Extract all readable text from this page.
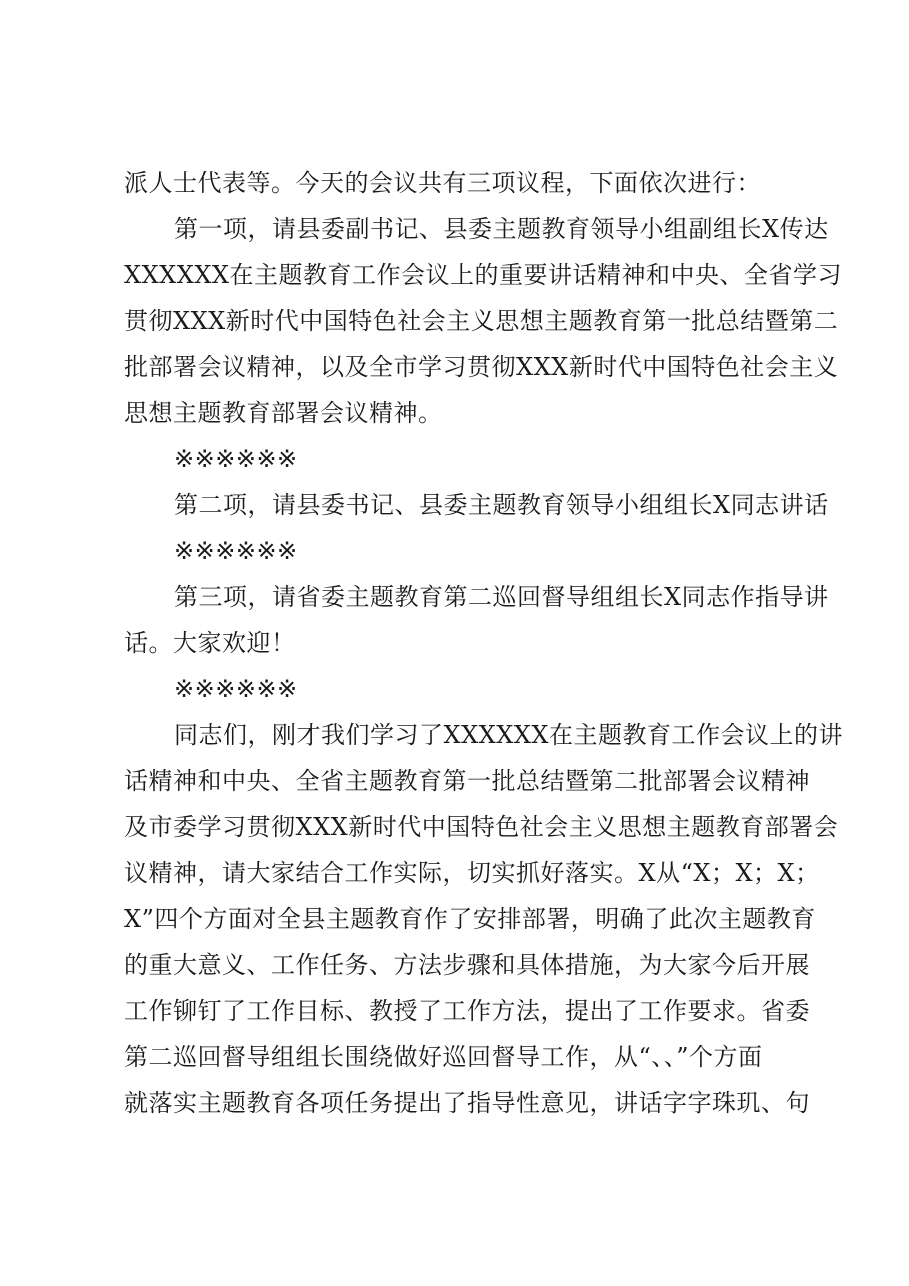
派人士代表等。今天的会议共有三项议程，下面依次进行：
第一项，请县委副书记、县委主题教育领导小组副组长X传达
XXXXXX在主题教育工作会议上的重要讲话精神和中央、全省学习
贯彻XXX新时代中国特色社会主义思想主题教育第一批总结暨第二
批部署会议精神，以及全市学习贯彻XXX新时代中国特色社会主义
思想主题教育部署会议精神。
※※※※※※
第二项，请县委书记、县委主题教育领导小组组长X同志讲话
※※※※※※
第三项，请省委主题教育第二巡回督导组组长X同志作指导讲
话。大家欢迎！
※※※※※※
同志们，刚才我们学习了XXXXXX在主题教育工作会议上的讲
话精神和中央、全省主题教育第一批总结暨第二批部署会议精神
及市委学习贯彻XXX新时代中国特色社会主义思想主题教育部署会
议精神，请大家结合工作实际，切实抓好落实。X从“X；X；X；
X”四个方面对全县主题教育作了安排部署，明确了此次主题教育
的重大意义、工作任务、方法步骤和具体措施，为大家今后开展
工作铆钉了工作目标、教授了工作方法，提出了工作要求。省委
第二巡回督导组组长围绕做好巡回督导工作，从“、、”个方面
就落实主题教育各项任务提出了指导性意见，讲话字字珠玑、句
